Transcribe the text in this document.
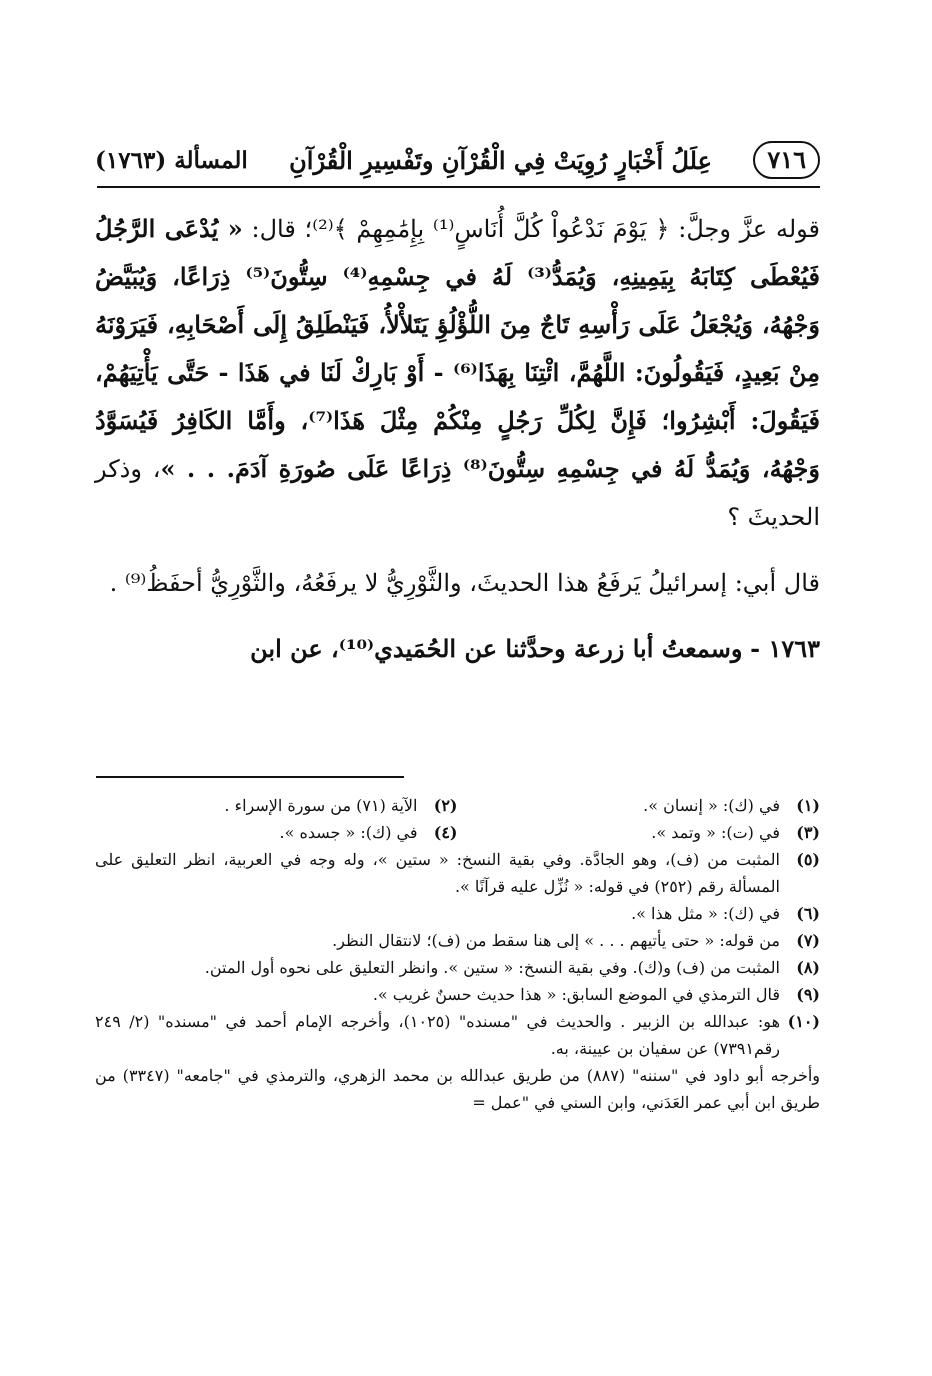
٧١٦
عِلَلُ أَخْبَارٍ رُوِيَتْ فِي الْقُرْآنِ وتَفْسِيرِ الْقُرْآنِ
المسألة (١٧٦٣)

قوله عزَّ وجلَّ: ﴿ يَوْمَ نَدْعُواْ كُلَّ أُنَاسٍ⁽¹⁾ بِإِمَٰمِهِمْ ﴾⁽²⁾؛ قال: « يُدْعَى الرَّجُلُ فَيُعْطَى كِتَابَهُ بِيَمِينِهِ، وَيُمَدُّ⁽³⁾ لَهُ في جِسْمِهِ⁽⁴⁾ سِتُّونَ⁽⁵⁾ ذِرَاعًا، وَيُبَيَّضُ وَجْهُهُ، وَيُجْعَلُ عَلَى رَأْسِهِ تَاجٌ مِنَ اللُّؤْلُؤِ يَتَلأْلأُ، فَيَنْطَلِقُ إِلَى أَصْحَابِهِ، فَيَرَوْنَهُ مِنْ بَعِيدٍ، فَيَقُولُونَ: اللَّهُمَّ، ائْتِنَا بِهَذَا⁽⁶⁾ - أَوْ بَارِكْ لَنَا في هَذَا - حَتَّى يَأْتِيَهُمْ، فَيَقُولَ: أَبْشِرُوا؛ فَإِنَّ لِكُلِّ رَجُلٍ مِنْكُمْ مِثْلَ هَذَا⁽⁷⁾، وأَمَّا الكَافِرُ فَيُسَوَّدُ وَجْهُهُ، وَيُمَدُّ لَهُ في جِسْمِهِ سِتُّونَ⁽⁸⁾ ذِرَاعًا عَلَى صُورَةِ آدَمَ. . . »، وذكر الحديثَ ؟

قال أبي: إسرائيلُ يَرفَعُ هذا الحديثَ، والثَّوْرِيُّ لا يرفَعُهُ، والثَّوْرِيُّ أحفَظُ⁽⁹⁾ .

١٧٦٣ - وسمعتُ أبا زرعة وحدَّثنا عن الحُمَيدي⁽¹⁰⁾، عن ابن

(١)
في (ك): « إنسان ».
(٢)
الآية (٧١) من سورة الإسراء .
(٣)
في (ت): « وتمد ».
(٤)
في (ك): « جسده ».
(٥)
المثبت من (ف)، وهو الجادَّة. وفي بقية النسخ: « ستين »، وله وجه في العربية، انظر التعليق على المسألة رقم (٢٥٢) في قوله: « نُزِّل عليه قرآنًا ».
(٦)
في (ك): « مثل هذا ».
(٧)
من قوله: « حتى يأتيهم . . . » إلى هنا سقط من (ف)؛ لانتقال النظر.
(٨)
المثبت من (ف) و(ك). وفي بقية النسخ: « ستين ». وانظر التعليق على نحوه أول المتن.
(٩)
قال الترمذي في الموضع السابق: « هذا حديث حسنٌ غريب ».
(١٠)
هو: عبدالله بن الزبير . والحديث في "مسنده" (١٠٢٥)، وأخرجه الإمام أحمد في "مسنده" (٢/ ٢٤٩ رقم٧٣٩١) عن سفيان بن عيينة، به.
وأخرجه أبو داود في "سننه" (٨٨٧) من طريق عبدالله بن محمد الزهري، والترمذي في "جامعه" (٣٣٤٧) من طريق ابن أبي عمر العَدَني، وابن السني في "عمل =
